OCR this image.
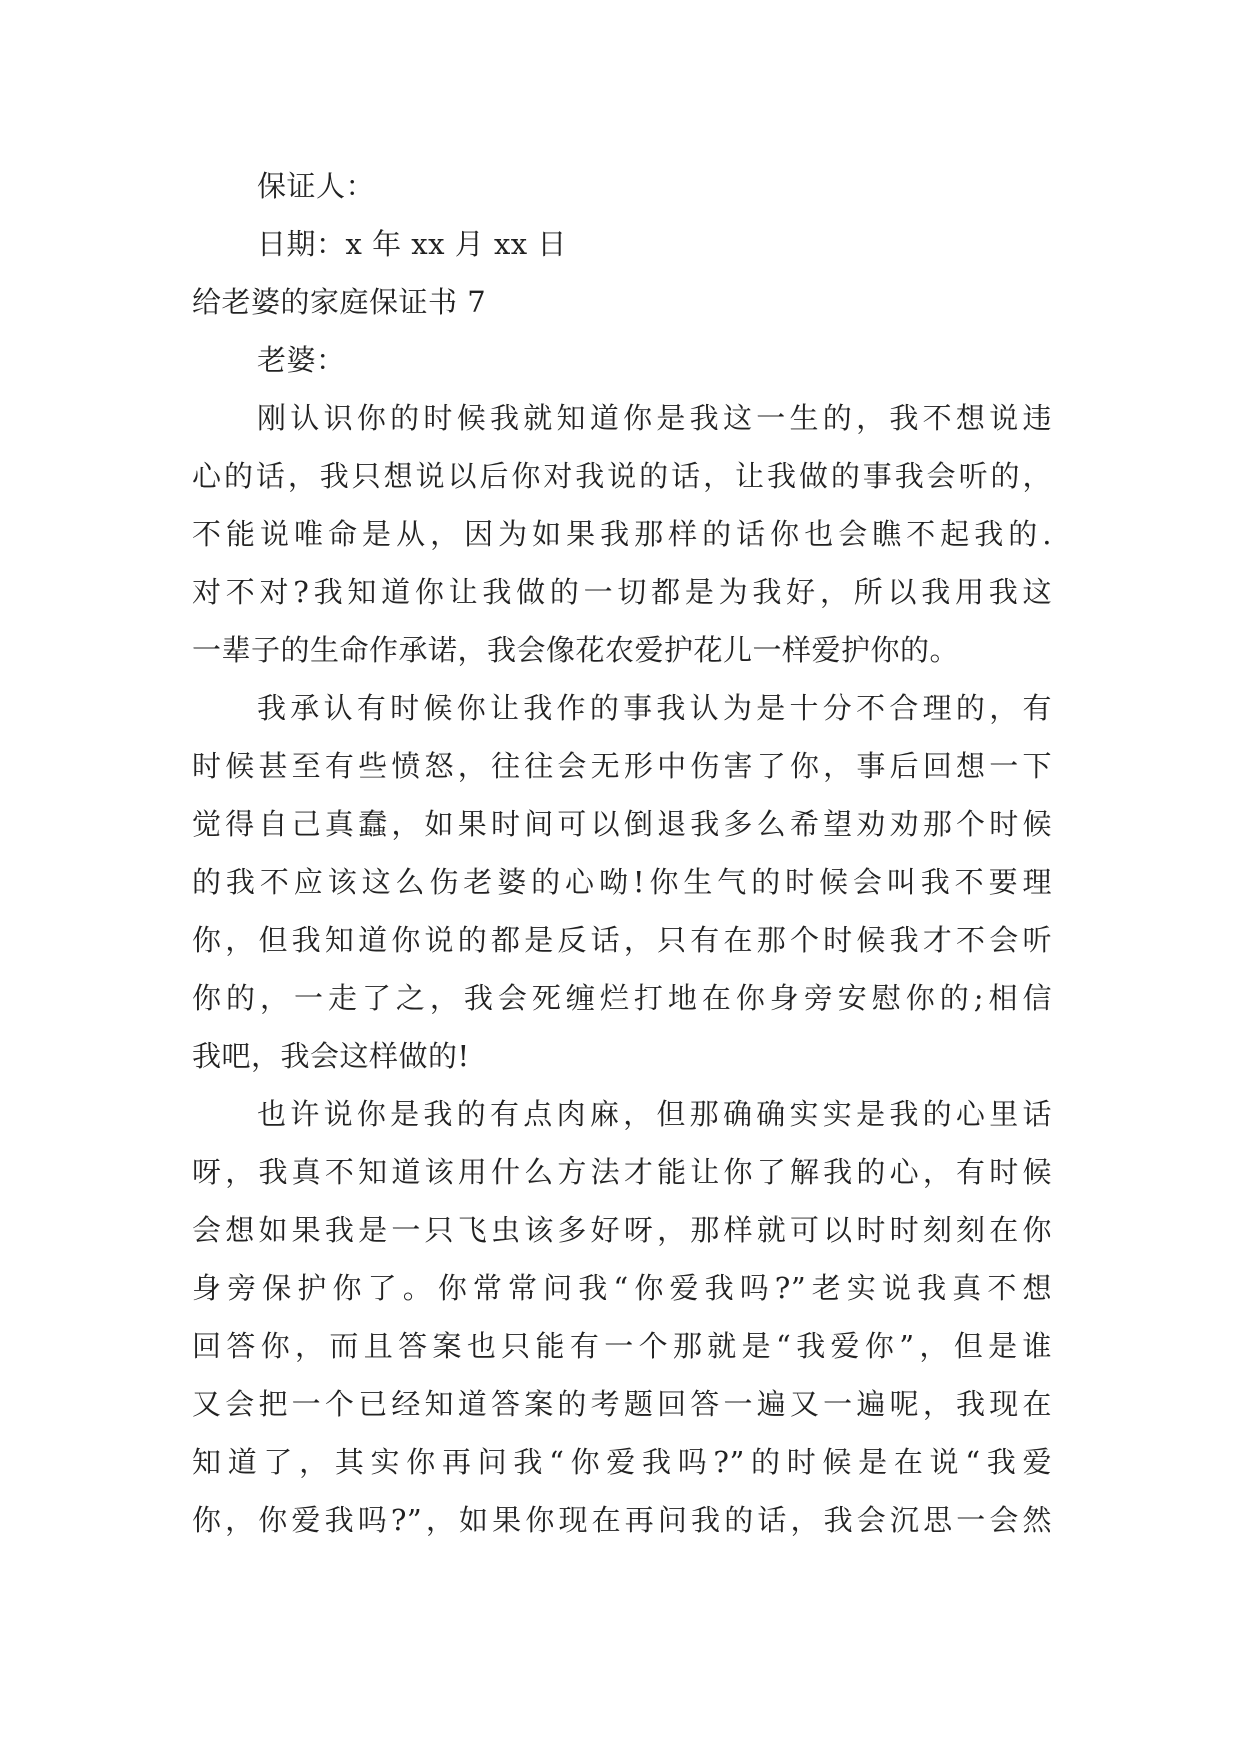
保证人：
日期：x 年 xx 月 xx 日
给老婆的家庭保证书 7
老婆：
刚认识你的时候我就知道你是我这一生的，我不想说违
心的话，我只想说以后你对我说的话，让我做的事我会听的，
不能说唯命是从，因为如果我那样的话你也会瞧不起我的.
对不对?我知道你让我做的一切都是为我好，所以我用我这
一辈子的生命作承诺，我会像花农爱护花儿一样爱护你的。
我承认有时候你让我作的事我认为是十分不合理的，有
时候甚至有些愤怒，往往会无形中伤害了你，事后回想一下
觉得自己真蠢，如果时间可以倒退我多么希望劝劝那个时候
的我不应该这么伤老婆的心呦!你生气的时候会叫我不要理
你，但我知道你说的都是反话，只有在那个时候我才不会听
你的，一走了之，我会死缠烂打地在你身旁安慰你的;相信
我吧，我会这样做的!
也许说你是我的有点肉麻，但那确确实实是我的心里话
呀，我真不知道该用什么方法才能让你了解我的心，有时候
会想如果我是一只飞虫该多好呀，那样就可以时时刻刻在你
身旁保护你了。你常常问我“你爱我吗?”老实说我真不想
回答你，而且答案也只能有一个那就是“我爱你”，但是谁
又会把一个已经知道答案的考题回答一遍又一遍呢，我现在
知道了，其实你再问我“你爱我吗?”的时候是在说“我爱
你，你爱我吗?”，如果你现在再问我的话，我会沉思一会然
